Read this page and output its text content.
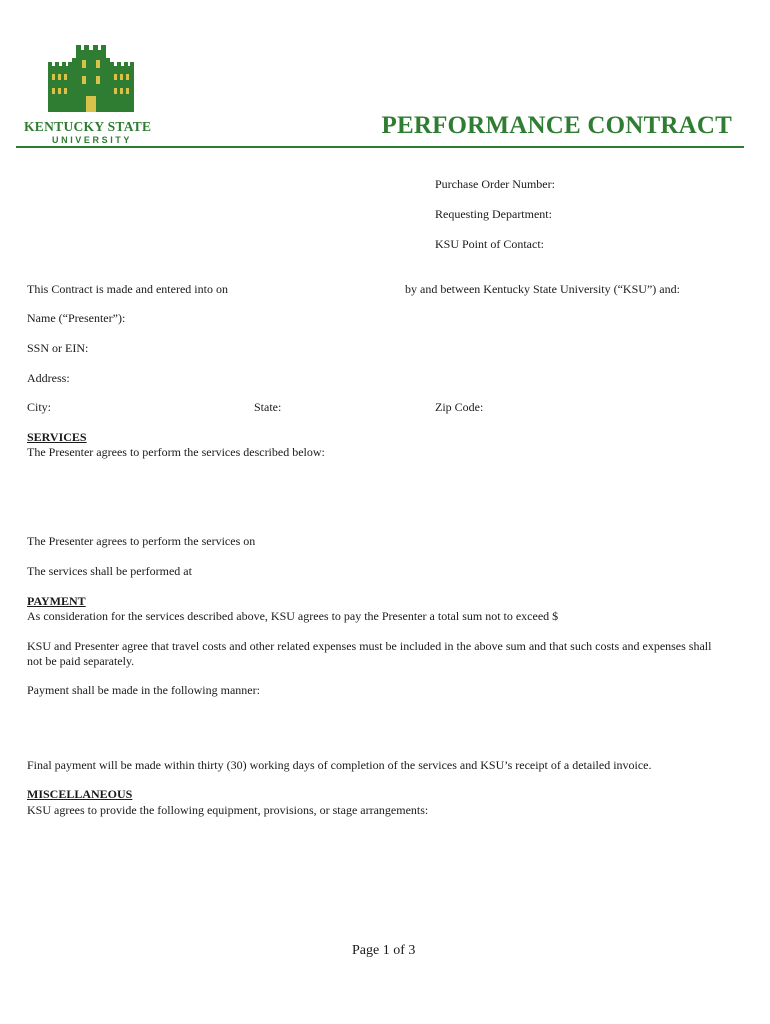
KENTUCKY STATE
UNIVERSITY
PERFORMANCE CONTRACT
Purchase Order Number:
Requesting Department:
KSU Point of Contact:
This Contract is made and entered into on	by and between Kentucky State University (“KSU”) and:
Name (“Presenter”):
SSN or EIN:
Address:
City:	State:	Zip Code:
SERVICES
The Presenter agrees to perform the services described below:
The Presenter agrees to perform the services on
The services shall be performed at
PAYMENT
As consideration for the services described above, KSU agrees to pay the Presenter a total sum not to exceed $
KSU and Presenter agree that travel costs and other related expenses must be included in the above sum and that such costs and expenses shall not be paid separately.
Payment shall be made in the following manner:
Final payment will be made within thirty (30) working days of completion of the services and KSU’s receipt of a detailed invoice.
MISCELLANEOUS
KSU agrees to provide the following equipment, provisions, or stage arrangements:
Page 1 of 3
